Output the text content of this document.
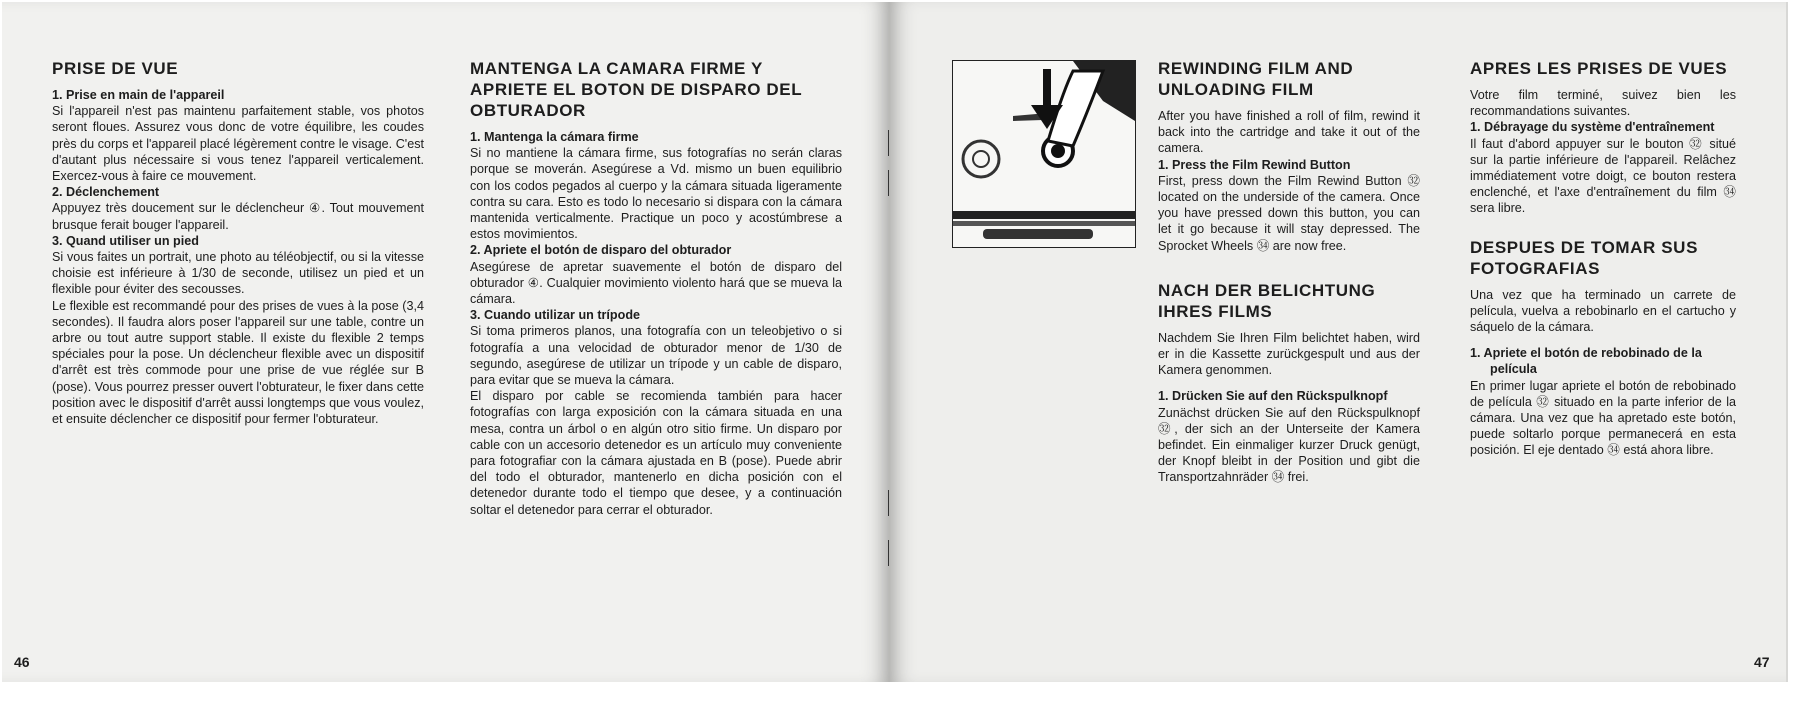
PRISE DE VUE
1. Prise en main de l'appareil

Si l'appareil n'est pas maintenu parfaitement stable, vos photos seront floues. Assurez vous donc de votre équilibre, les coudes près du corps et l'appareil placé légèrement contre le visage. C'est d'autant plus nécessaire si vous tenez l'appareil verticalement. Exercez-vous à faire ce mouvement.

2. Déclenchement

Appuyez très doucement sur le déclencheur ④. Tout mouvement brusque ferait bouger l'appareil.

3. Quand utiliser un pied

Si vous faites un portrait, une photo au téléobjectif, ou si la vitesse choisie est inférieure à 1/30 de seconde, utilisez un pied et un flexible pour éviter des secousses.

Le flexible est recommandé pour des prises de vues à la pose (3,4 secondes). Il faudra alors poser l'appareil sur une table, contre un arbre ou tout autre support stable. Il existe du flexible 2 temps spéciales pour la pose. Un déclencheur flexible avec un dispositif d'arrêt est très commode pour une prise de vue réglée sur B (pose). Vous pourrez presser ouvert l'obturateur, le fixer dans cette position avec le dispositif d'arrêt aussi longtemps que vous voulez, et ensuite déclencher ce dispositif pour fermer l'obturateur.

MANTENGA LA CAMARA FIRME Y APRIETE EL BOTON DE DISPARO DEL OBTURADOR
1. Mantenga la cámara firme

Si no mantiene la cámara firme, sus fotografías no serán claras porque se moverán. Asegúrese a Vd. mismo un buen equilibrio con los codos pegados al cuerpo y la cámara situada ligeramente contra su cara. Esto es todo lo necesario si dispara con la cámara mantenida verticalmente. Practique un poco y acostúmbrese a estos movimientos.

2. Apriete el botón de disparo del obturador

Asegúrese de apretar suavemente el botón de disparo del obturador ④. Cualquier movimiento violento hará que se mueva la cámara.

3. Cuando utilizar un trípode

Si toma primeros planos, una fotografía con un teleobjetivo o si fotografía a una velocidad de obturador menor de 1/30 de segundo, asegúrese de utilizar un trípode y un cable de disparo, para evitar que se mueva la cámara.

El disparo por cable se recomienda también para hacer fotografías con larga exposición con la cámara situada en una mesa, contra un árbol o en algún otro sitio firme. Un disparo por cable con un accesorio detenedor es un artículo muy conveniente para fotografiar con la cámara ajustada en B (pose). Puede abrir del todo el obturador, mantenerlo en dicha posición con el detenedor durante todo el tiempo que desee, y a continuación soltar el detenedor para cerrar el obturador.

46
REWINDING FILM AND UNLOADING FILM

After you have finished a roll of film, rewind it back into the cartridge and take it out of the camera.

1. Press the Film Rewind Button

First, press down the Film Rewind Button ㉜ located on the underside of the camera. Once you have pressed down this button, you can let it go because it will stay depressed. The Sprocket Wheels ㉞ are now free.

NACH DER BELICHTUNG IHRES FILMS

Nachdem Sie Ihren Film belichtet haben, wird er in die Kassette zurückgespult und aus der Kamera genommen.

1. Drücken Sie auf den Rückspulknopf

Zunächst drücken Sie auf den Rückspulknopf ㉜, der sich an der Unterseite der Kamera befindet. Ein einmaliger kurzer Druck genügt, der Knopf bleibt in der Position und gibt die Transportzahnräder ㉞ frei.

APRES LES PRISES DE VUES

Votre film terminé, suivez bien les recommandations suivantes.

1. Débrayage du système d'entraînement

Il faut d'abord appuyer sur le bouton ㉜ situé sur la partie inférieure de l'appareil. Relâchez immédiatement votre doigt, ce bouton restera enclenché, et l'axe d'entraînement du film ㉞ sera libre.

DESPUES DE TOMAR SUS FOTOGRAFIAS

Una vez que ha terminado un carrete de película, vuelva a rebobinarlo en el cartucho y sáquelo de la cámara.

1. Apriete el botón de rebobinado de la película

En primer lugar apriete el botón de rebobinado de película ㉜ situado en la parte inferior de la cámara. Una vez que ha apretado este botón, puede soltarlo porque permanecerá en esta posición. El eje dentado ㉞ está ahora libre.

47
